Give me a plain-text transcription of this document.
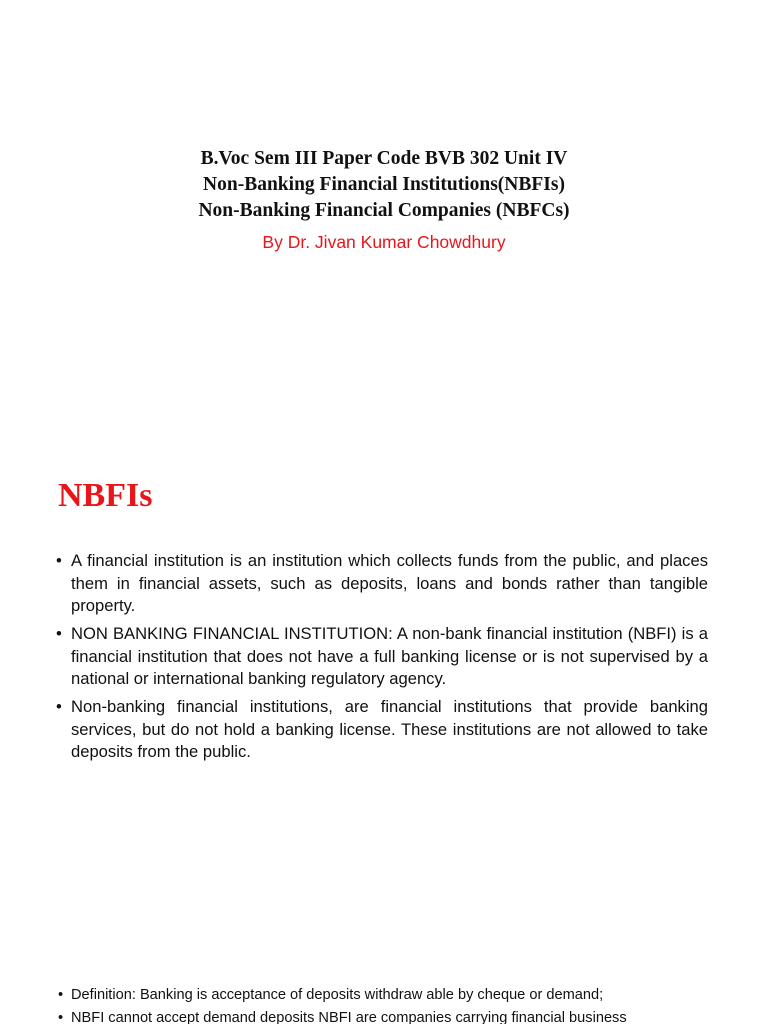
B.Voc Sem III Paper Code BVB 302 Unit IV
Non-Banking Financial Institutions(NBFIs)
Non-Banking Financial Companies (NBFCs)
By Dr. Jivan Kumar Chowdhury
NBFIs
• A financial institution is an institution which collects funds from the public, and places them in financial assets, such as deposits, loans and bonds rather than tangible property.
• NON BANKING FINANCIAL INSTITUTION: A non-bank financial institution (NBFI) is a financial institution that does not have a full banking license or is not supervised by a national or international banking regulatory agency.
• Non-banking financial institutions, are financial institutions that provide banking services, but do not hold a banking license. These institutions are not allowed to take deposits from the public.
• Definition: Banking is acceptance of deposits withdraw able by cheque or demand;
• NBFI cannot accept demand deposits NBFI are companies carrying financial business
